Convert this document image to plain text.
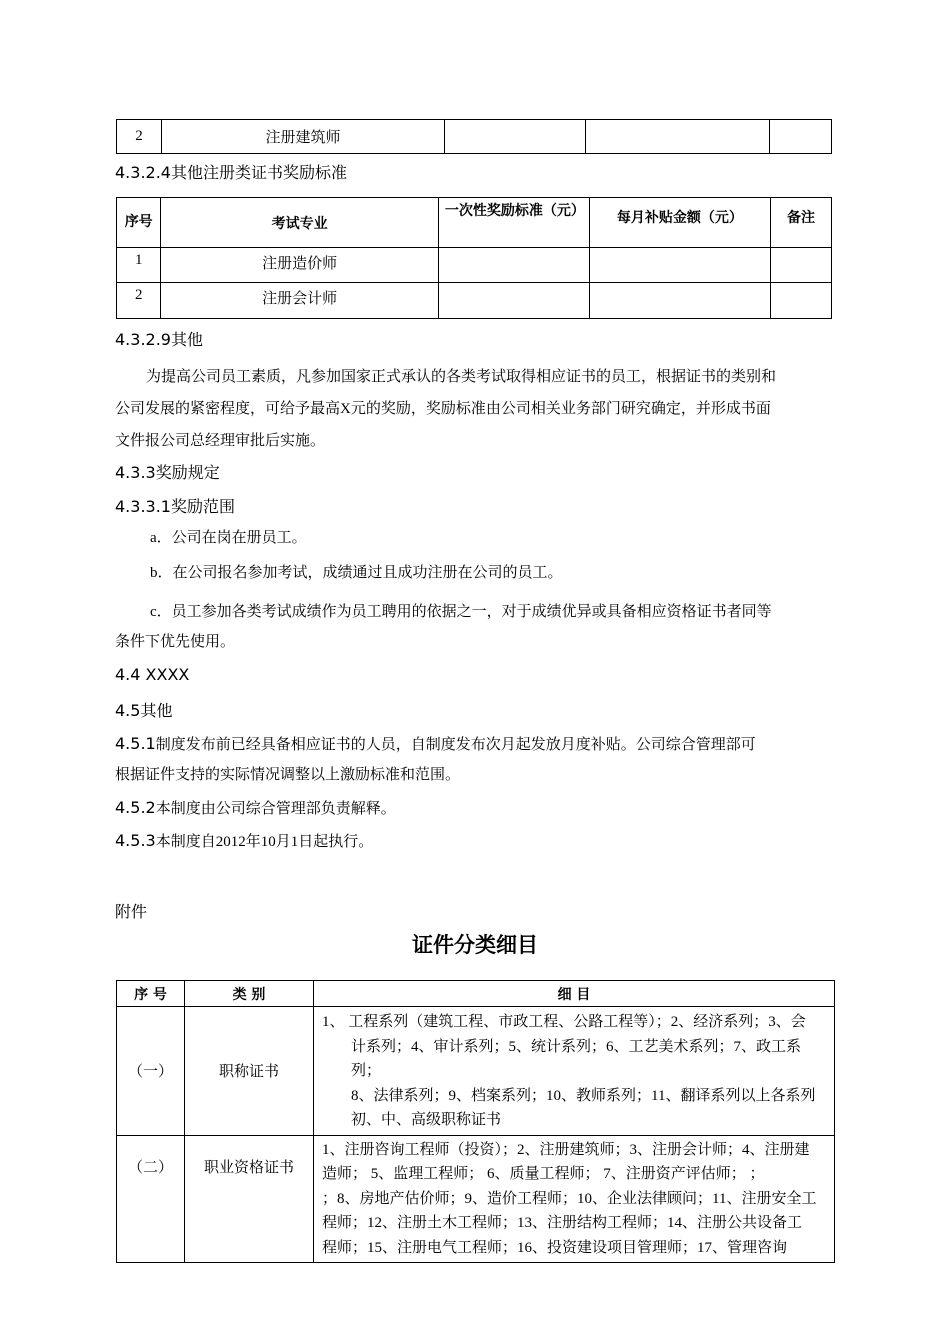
2	注册建筑师			
4.3.2.4其他注册类证书奖励标准
序号	考试专业	一次性奖励标准（元）	每月补贴金额（元）	备注
1	注册造价师			
2	注册会计师			
4.3.2.9其他
为提高公司员工素质，凡参加国家正式承认的各类考试取得相应证书的员工，根据证书的类别和
公司发展的紧密程度，可给予最高X元的奖励，奖励标准由公司相关业务部门研究确定，并形成书面
文件报公司总经理审批后实施。
4.3.3奖励规定
4.3.3.1奖励范围
a．公司在岗在册员工。
b．在公司报名参加考试，成绩通过且成功注册在公司的员工。
c．员工参加各类考试成绩作为员工聘用的依据之一，对于成绩优异或具备相应资格证书者同等
条件下优先使用。
4.4 XXXX
4.5其他
4.5.1制度发布前已经具备相应证书的人员，自制度发布次月起发放月度补贴。公司综合管理部可
根据证件支持的实际情况调整以上激励标准和范围。
4.5.2本制度由公司综合管理部负责解释。
4.5.3本制度自2012年10月1日起执行。
附件
证件分类细目
序 号	类 别	细 目
（一）	职称证书	1、 工程系列（建筑工程、市政工程、公路工程等）；2、经济系列；3、会
计系列；4、审计系列；5、统计系列；6、工艺美术系列；7、政工系列；
8、法律系列；9、档案系列；10、教师系列；11、翻译系列以上各系列
初、中、高级职称证书

（二）	职业资格证书	1、注册咨询工程师（投资）；2、注册建筑师；3、注册会计师；4、注册建
造师； 5、监理工程师； 6、质量工程师； 7、注册资产评估师； ；
；8、房地产估价师；9、造价工程师；10、企业法律顾问；11、注册安全工
程师；12、注册土木工程师；13、注册结构工程师；14、注册公共设备工
程师；15、注册电气工程师；16、投资建设项目管理师；17、管理咨询
